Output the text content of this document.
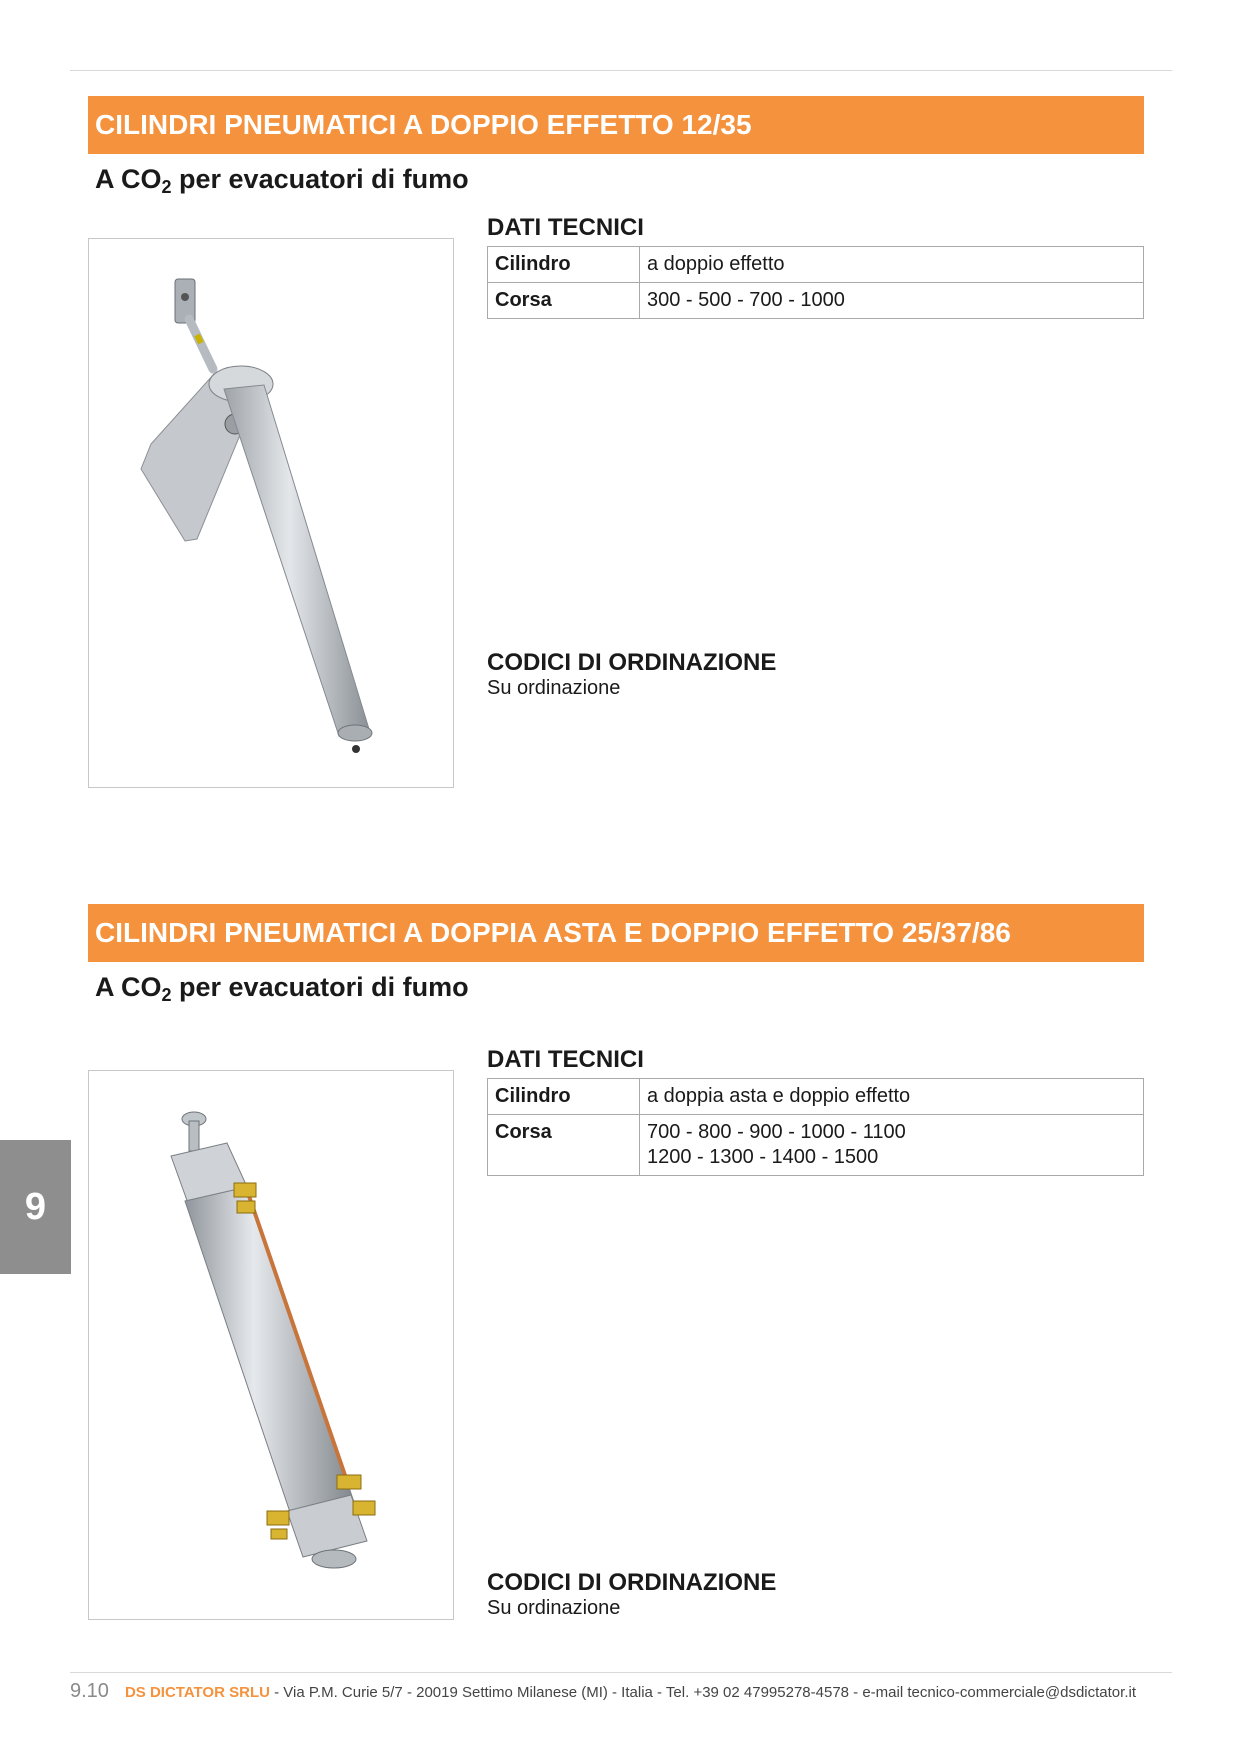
CILINDRI PNEUMATICI A DOPPIO EFFETTO 12/35
A $CO_2$ per evacuatori di fumo
DATI TECNICI
Cilindro	a doppio effetto
Corsa	300 - 500 - 700 - 1000
CODICI DI ORDINAZIONE
Su ordinazione
CILINDRI PNEUMATICI A DOPPIA ASTA E DOPPIO EFFETTO 25/37/86
A $CO_2$ per evacuatori di fumo
DATI TECNICI
Cilindro	a doppia asta e doppio effetto
Corsa	700 - 800 - 900 - 1000 - 1100
1200 - 1300 - 1400 - 1500
CODICI DI ORDINAZIONE
Su ordinazione
9
9.10 DS DICTATOR SRLU - Via P.M. Curie 5/7 - 20019 Settimo Milanese (MI) - Italia - Tel. +39 02 47995278-4578 - e-mail tecnico-commerciale@dsdictator.it
